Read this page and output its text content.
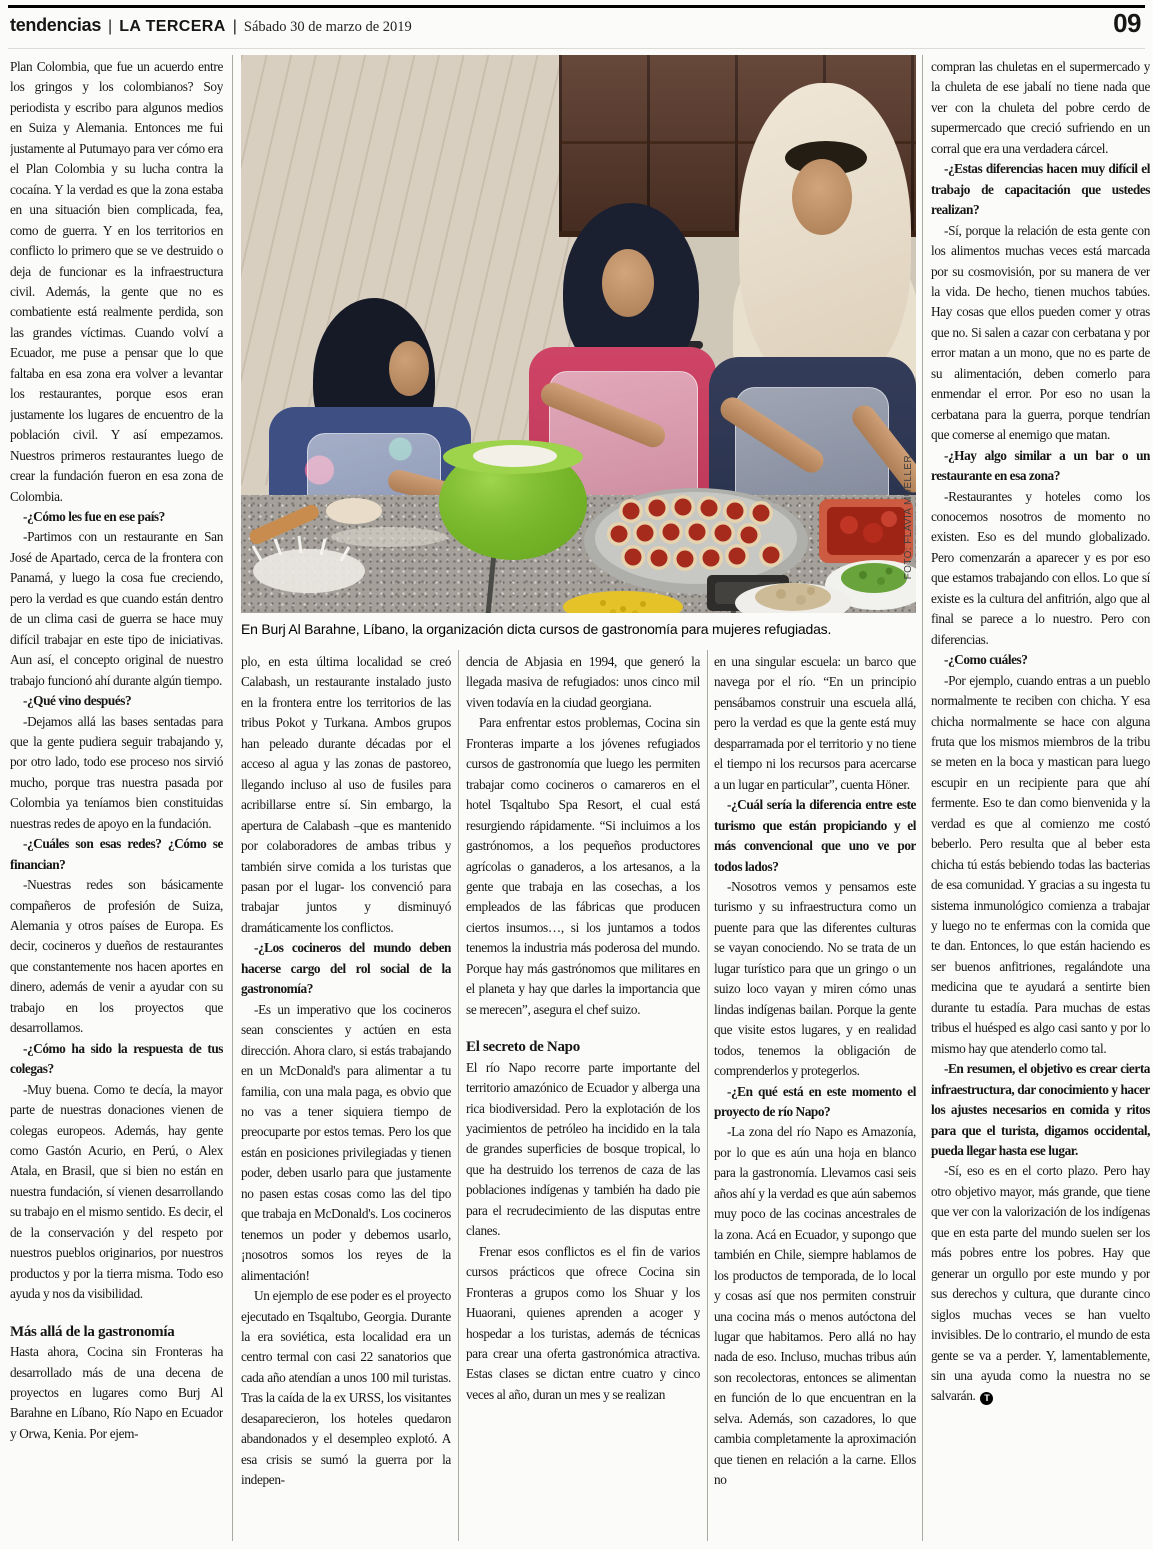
tendencias | LA TERCERA | Sábado 30 de marzo de 2019	09
FOTO: FLAVIA MUELLER
En Burj Al Barahne, Líbano, la organización dicta cursos de gastronomía para mujeres refugiadas.

Plan Colombia, que fue un acuerdo entre los gringos y los colombianos? Soy periodista y escribo para algunos medios en Suiza y Alemania. Entonces me fui justamente al Putumayo para ver cómo era el Plan Colombia y su lucha contra la cocaína. Y la verdad es que la zona estaba en una situación bien complicada, fea, como de guerra. Y en los territorios en conflicto lo primero que se ve destruido o deja de funcionar es la infraestructura civil. Además, la gente que no es combatiente está realmente perdida, son las grandes víctimas. Cuando volví a Ecuador, me puse a pensar que lo que faltaba en esa zona era volver a levantar los restaurantes, porque esos eran justamente los lugares de encuentro de la población civil. Y así empezamos. Nuestros primeros restaurantes luego de crear la fundación fueron en esa zona de Colombia.

-¿Cómo les fue en ese país?

-Partimos con un restaurante en San José de Apartado, cerca de la frontera con Panamá, y luego la cosa fue creciendo, pero la verdad es que cuando están dentro de un clima casi de guerra se hace muy difícil trabajar en este tipo de iniciativas. Aun así, el concepto original de nuestro trabajo funcionó ahí durante algún tiempo.

-¿Qué vino después?

-Dejamos allá las bases sentadas para que la gente pudiera seguir trabajando y, por otro lado, todo ese proceso nos sirvió mucho, porque tras nuestra pasada por Colombia ya teníamos bien constituidas nuestras redes de apoyo en la fundación.

-¿Cuáles son esas redes? ¿Cómo se financian?

-Nuestras redes son básicamente compañeros de profesión de Suiza, Alemania y otros países de Europa. Es decir, cocineros y dueños de restaurantes que constantemente nos hacen aportes en dinero, además de venir a ayudar con su trabajo en los proyectos que desarrollamos.

-¿Cómo ha sido la respuesta de tus colegas?

-Muy buena. Como te decía, la mayor parte de nuestras donaciones vienen de colegas europeos. Además, hay gente como Gastón Acurio, en Perú, o Alex Atala, en Brasil, que si bien no están en nuestra fundación, sí vienen desarrollando su trabajo en el mismo sentido. Es decir, el de la conservación y del respeto por nuestros pueblos originarios, por nuestros productos y por la tierra misma. Todo eso ayuda y nos da visibilidad.

Más allá de la gastronomía

Hasta ahora, Cocina sin Fronteras ha desarrollado más de una decena de proyectos en lugares como Burj Al Barahne en Líbano, Río Napo en Ecuador y Orwa, Kenia. Por ejem-

plo, en esta última localidad se creó Calabash, un restaurante instalado justo en la frontera entre los territorios de las tribus Pokot y Turkana. Ambos grupos han peleado durante décadas por el acceso al agua y las zonas de pastoreo, llegando incluso al uso de fusiles para acribillarse entre sí. Sin embargo, la apertura de Calabash –que es mantenido por colaboradores de ambas tribus y también sirve comida a los turistas que pasan por el lugar- los convenció para trabajar juntos y disminuyó dramáticamente los conflictos.

-¿Los cocineros del mundo deben hacerse cargo del rol social de la gastronomía?

-Es un imperativo que los cocineros sean conscientes y actúen en esta dirección. Ahora claro, si estás trabajando en un McDonald's para alimentar a tu familia, con una mala paga, es obvio que no vas a tener siquiera tiempo de preocuparte por estos temas. Pero los que están en posiciones privilegiadas y tienen poder, deben usarlo para que justamente no pasen estas cosas como las del tipo que trabaja en McDonald's. Los cocineros tenemos un poder y debemos usarlo, ¡nosotros somos los reyes de la alimentación!

Un ejemplo de ese poder es el proyecto ejecutado en Tsqaltubo, Georgia. Durante la era soviética, esta localidad era un centro termal con casi 22 sanatorios que cada año atendían a unos 100 mil turistas. Tras la caída de la ex URSS, los visitantes desaparecieron, los hoteles quedaron abandonados y el desempleo explotó. A esa crisis se sumó la guerra por la indepen-

dencia de Abjasia en 1994, que generó la llegada masiva de refugiados: unos cinco mil viven todavía en la ciudad georgiana.

Para enfrentar estos problemas, Cocina sin Fronteras imparte a los jóvenes refugiados cursos de gastronomía que luego les permiten trabajar como cocineros o camareros en el hotel Tsqaltubo Spa Resort, el cual está resurgiendo rápidamente. “Si incluimos a los gastrónomos, a los pequeños productores agrícolas o ganaderos, a los artesanos, a la gente que trabaja en las cosechas, a los empleados de las fábricas que producen ciertos insumos…, si los juntamos a todos tenemos la industria más poderosa del mundo. Porque hay más gastrónomos que militares en el planeta y hay que darles la importancia que se merecen”, asegura el chef suizo.

El secreto de Napo

El río Napo recorre parte importante del territorio amazónico de Ecuador y alberga una rica biodiversidad. Pero la explotación de los yacimientos de petróleo ha incidido en la tala de grandes superficies de bosque tropical, lo que ha destruido los terrenos de caza de las poblaciones indígenas y también ha dado pie para el recrudecimiento de las disputas entre clanes.

Frenar esos conflictos es el fin de varios cursos prácticos que ofrece Cocina sin Fronteras a grupos como los Shuar y los Huaorani, quienes aprenden a acoger y hospedar a los turistas, además de técnicas para crear una oferta gastronómica atractiva. Estas clases se dictan entre cuatro y cinco veces al año, duran un mes y se realizan

en una singular escuela: un barco que navega por el río. “En un principio pensábamos construir una escuela allá, pero la verdad es que la gente está muy desparramada por el territorio y no tiene el tiempo ni los recursos para acercarse a un lugar en particular”, cuenta Höner.

-¿Cuál sería la diferencia entre este turismo que están propiciando y el más convencional que uno ve por todos lados?

-Nosotros vemos y pensamos este turismo y su infraestructura como un puente para que las diferentes culturas se vayan conociendo. No se trata de un lugar turístico para que un gringo o un suizo loco vayan y miren cómo unas lindas indígenas bailan. Porque la gente que visite estos lugares, y en realidad todos, tenemos la obligación de comprenderlos y protegerlos.

-¿En qué está en este momento el proyecto de río Napo?

-La zona del río Napo es Amazonía, por lo que es aún una hoja en blanco para la gastronomía. Llevamos casi seis años ahí y la verdad es que aún sabemos muy poco de las cocinas ancestrales de la zona. Acá en Ecuador, y supongo que también en Chile, siempre hablamos de los productos de temporada, de lo local y cosas así que nos permiten construir una cocina más o menos autóctona del lugar que habitamos. Pero allá no hay nada de eso. Incluso, muchas tribus aún son recolectoras, entonces se alimentan en función de lo que encuentran en la selva. Además, son cazadores, lo que cambia completamente la aproximación que tienen en relación a la carne. Ellos no

compran las chuletas en el supermercado y la chuleta de ese jabalí no tiene nada que ver con la chuleta del pobre cerdo de supermercado que creció sufriendo en un corral que era una verdadera cárcel.

-¿Estas diferencias hacen muy difícil el trabajo de capacitación que ustedes realizan?

-Sí, porque la relación de esta gente con los alimentos muchas veces está marcada por su cosmovisión, por su manera de ver la vida. De hecho, tienen muchos tabúes. Hay cosas que ellos pueden comer y otras que no. Si salen a cazar con cerbatana y por error matan a un mono, que no es parte de su alimentación, deben comerlo para enmendar el error. Por eso no usan la cerbatana para la guerra, porque tendrían que comerse al enemigo que matan.

-¿Hay algo similar a un bar o un restaurante en esa zona?

-Restaurantes y hoteles como los conocemos nosotros de momento no existen. Eso es del mundo globalizado. Pero comenzarán a aparecer y es por eso que estamos trabajando con ellos. Lo que sí existe es la cultura del anfitrión, algo que al final se parece a lo nuestro. Pero con diferencias.

-¿Como cuáles?

-Por ejemplo, cuando entras a un pueblo normalmente te reciben con chicha. Y esa chicha normalmente se hace con alguna fruta que los mismos miembros de la tribu se meten en la boca y mastican para luego escupir en un recipiente para que ahí fermente. Eso te dan como bienvenida y la verdad es que al comienzo me costó beberlo. Pero resulta que al beber esta chicha tú estás bebiendo todas las bacterias de esa comunidad. Y gracias a su ingesta tu sistema inmunológico comienza a trabajar y luego no te enfermas con la comida que te dan. Entonces, lo que están haciendo es ser buenos anfitriones, regalándote una medicina que te ayudará a sentirte bien durante tu estadía. Para muchas de estas tribus el huésped es algo casi santo y por lo mismo hay que atenderlo como tal.

-En resumen, el objetivo es crear cierta infraestructura, dar conocimiento y hacer los ajustes necesarios en comida y ritos para que el turista, digamos occidental, pueda llegar hasta ese lugar.

-Sí, eso es en el corto plazo. Pero hay otro objetivo mayor, más grande, que tiene que ver con la valorización de los indígenas que en esta parte del mundo suelen ser los más pobres entre los pobres. Hay que generar un orgullo por este mundo y por sus derechos y cultura, que durante cinco siglos muchas veces se han vuelto invisibles. De lo contrario, el mundo de esta gente se va a perder. Y, lamentablemente, sin una ayuda como la nuestra no se salvarán. T
